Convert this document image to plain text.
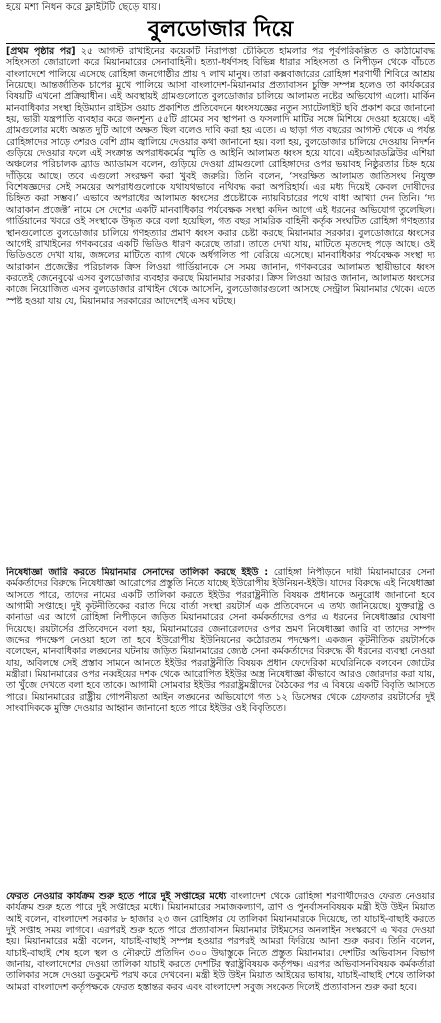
হয়ে মশা নিধন করে ফ্লাইটটি ছেড়ে যায়।
বুলডোজার দিয়ে

[প্রথম পৃষ্ঠার পর] ২৫ আগস্ট রাখাইনের কয়েকটি নিরাপত্তা চৌকিতে হামলার পর পূর্বপরিকল্পিত ও কাঠামোবদ্ধ সহিংসতা জোরালো করে মিয়ানমারের সেনাবাহিনী। হত্যা-ধর্ষণসহ বিভিন্ন ধারার সহিংসতা ও নিপীড়ন থেকে বাঁচতে বাংলাদেশে পালিয়ে এসেছে রোহিঙ্গা জনগোষ্ঠীর প্রায় ৭ লাখ মানুষ। তারা কক্সবাজারের রোহিঙ্গা শরণার্থী শিবিরে আশ্রয় নিয়েছে। আন্তর্জাতিক চাপের মুখে পালিয়ে আসা বাংলাদেশ-মিয়ানমার প্রত্যাবাসন চুক্তি সম্পন্ন হলেও তা কার্যকরের বিষয়টি এখনো প্রক্রিয়াধীন। এই অবস্থায়ই গ্রামগুলোতে বুলডোজার চালিয়ে আলামত নষ্টের অভিযোগ এলো। মার্কিন মানবাধিকার সংস্থা হিউম্যান রাইটস ওয়াচ প্রকাশিত প্রতিবেদনে ধ্বংসযজ্ঞের নতুন স্যাটেলাইট ছবি প্রকাশ করে জানানো হয়, ভারী যন্ত্রপাতি ব্যবহার করে জনশূন্য ৫৫টি গ্রামের সব স্থাপনা ও ফসলাদি মাটির সঙ্গে মিশিয়ে দেওয়া হয়েছে। এই গ্রামগুলোর মধ্যে অন্তত দুটি আগে অক্ষত ছিল বলেও দাবি করা হয় এতে। এ ছাড়া গত বছরের আগস্ট থেকে এ পর্যন্ত রোহিঙ্গাদের সাড়ে ৩শরও বেশি গ্রাম জ্বালিয়ে দেওয়ার কথা জানানো হয়। বলা হয়, বুলডোজার চালিয়ে দেওয়ায় নিদর্শন গুড়িয়ে দেওয়ার ফলে এই সংক্রান্ত অপরাধকর্মের স্মৃতি ও আইনি আলামত ধ্বংস হয়ে যাবে। এইচআরডব্লিউর এশিয়া অঞ্চলের পরিচালক ব্র্যাড অ্যাডামস বলেন, গুড়িয়ে দেওয়া গ্রামগুলো রোহিঙ্গাদের ওপর ভয়াবহ নিষ্ঠুরতার চিহ্ন হয়ে দাঁড়িয়ে আছে। তবে এগুলো সংরক্ষণ করা খুবই জরুরি। তিনি বলেন, ‘সংরক্ষিত আলামত জাতিসংঘ নিযুক্ত বিশেষজ্ঞদের সেই সময়ের অপরাধগুলোকে যথাযথভাবে নথিবদ্ধ করা অপরিহার্য। এর মধ্য দিয়েই কেবল দোষীদের চিহ্নিত করা সম্ভব।’ এভাবে অপরাধের আলামত ধ্বংসের প্রচেষ্টাকে ন্যায়বিচারের পথে বাধা আখ্যা দেন তিনি। ‘দ্য আরাকান প্রজেক্ট’ নামে সে দেশের একটি মানবাধিকার পর্যবেক্ষক সংস্থা কদিন আগে এই ধরনের অভিযোগ তুলেছিল। গার্ডিয়ানের খবরে ওই সংস্থাকে উদ্ধৃত করে বলা হয়েছিল, গত বছর সামরিক বাহিনী কর্তৃক সংঘটিত রোহিঙ্গা গণহত্যার স্থানগুলোতে বুলডোজার চালিয়ে গণহত্যার প্রমাণ ধ্বংস করার চেষ্টা করছে মিয়ানমার সরকার। বুলডোজারে ধ্বংসের আগেই রাখাইনের গণকবরের একটি ভিডিও ধারণ করেছে তারা। তাতে দেখা যায়, মাটিতে মৃতদেহ পড়ে আছে। ওই ভিডিওতে দেখা যায়, জঙ্গলের মাটিতে ব্যাগ থেকে অর্ধগলিত পা বেরিয়ে এসেছে। মানবাধিকার পর্যবেক্ষক সংস্থা দ্য আরাকান প্রজেক্টের পরিচালক ক্রিস লিওয়া গার্ডিয়ানকে সে সময় জানান, গণকবরের আলামত স্থায়ীভাবে ধ্বংস করতেই জেনেবুঝে এসব বুলডোজার ব্যবহার করছে মিয়ানমার সরকার। ক্রিস লিওয়া আরও জানান, আলামত ধ্বংসের কাজে নিয়োজিত এসব বুলডোজার রাখাইন থেকে আসেনি, বুলডোজারগুলো আসছে সেন্ট্রাল মিয়ানমার থেকে। এতে স্পষ্ট হওয়া যায় যে, মিয়ানমার সরকারের আদেশেই এসব ঘটছে।

নিষেধাজ্ঞা জারি করতে মিয়ানমার সেনাদের তালিকা করছে ইইউ : রোহিঙ্গা নিপীড়নে দায়ী মিয়ানমারের সেনা কর্মকর্তাদের বিরুদ্ধে নিষেধাজ্ঞা আরোপের প্রস্তুতি নিতে যাচ্ছে ইউরোপীয় ইউনিয়ন-ইইউ। যাদের বিরুদ্ধে এই নিষেধাজ্ঞা আসতে পারে, তাদের নামের একটি তালিকা করতে ইইউর পররাষ্ট্রনীতি বিষয়ক প্রধানকে অনুরোধ জানানো হবে আগামী সপ্তাহে। দুই কূটনীতিকের বরাত দিয়ে বার্তা সংস্থা রয়টার্স এক প্রতিবেদনে এ তথ্য জানিয়েছে। যুক্তরাষ্ট্র ও কানাডা এর আগে রোহিঙ্গা নিপীড়নে জড়িত মিয়ানমারের সেনা কর্মকর্তাদের ওপর এ ধরনের নিষেধাজ্ঞার ঘোষণা দিয়েছে। রয়টার্সের প্রতিবেদনে বলা হয়, মিয়ানমারের জেনারেলদের ওপর ভ্রমণ নিষেধাজ্ঞা জারি বা তাদের সম্পদ জব্দের পদক্ষেপ নেওয়া হলে তা হবে ইউরোপীয় ইউনিয়নের কঠোরতম পদক্ষেপ। একজন কূটনীতিক রয়টার্সকে বলেছেন, মানবাধিকার লঙ্ঘনের ঘটনায় জড়িত মিয়ানমারের জ্যেষ্ঠ সেনা কর্মকর্তাদের বিরুদ্ধে কী ধরনের ব্যবস্থা নেওয়া যায়, অবিলম্বে সেই প্রস্তাব সামনে আনতে ইইউর পররাষ্ট্রনীতি বিষয়ক প্রধান ফেদেরিকা মঘেরিনিকে বলবেন জোটের মন্ত্রীরা। মিয়ানমারের ওপর নব্বইয়ের দশক থেকে আরোপিত ইইউর অস্ত্র নিষেধাজ্ঞা কীভাবে আরও জোরদার করা যায়, তা খুঁজে দেখতে বলা হবে তাকে। আগামী সোমবার ইইউর পররাষ্ট্রমন্ত্রীদের বৈঠকের পর এ বিষয়ে একটি বিবৃতি আসতে পারে। মিয়ানমারের রাষ্ট্রীয় গোপনীয়তা আইন লঙ্ঘনের অভিযোগে গত ১২ ডিসেম্বর থেকে গ্রেফতার রয়টার্সের দুই সাংবাদিককে মুক্তি দেওয়ার আহ্বান জানানো হতে পারে ইইউর ওই বিবৃতিতে।

ফেরত নেওয়ার কার্যক্রম শুরু হতে পারে দুই সপ্তাহের মধ্যে বাংলাদেশ থেকে রোহিঙ্গা শরণার্থীদেরও ফেরত নেওয়ার কার্যক্রম শুরু হতে পারে দুই সপ্তাহের মধ্যে। মিয়ানমারের সমাজকল্যাণ, ত্রাণ ও পুনর্বাসনবিষয়ক মন্ত্রী ইউ উইন মিয়াত আই বলেন, বাংলাদেশ সরকার ৮ হাজার ২৩ জন রোহিঙ্গার যে তালিকা মিয়ানমারকে দিয়েছে, তা যাচাই-বাছাই করতে দুই সপ্তাহ সময় লাগবে। এরপরই শুরু হতে পারে প্রত্যাবাসন মিয়ানমার টাইমসের অনলাইন সংস্করণে এ খবর দেওয়া হয়। মিয়ানমারের মন্ত্রী বলেন, যাচাই-বাছাই সম্পন্ন হওয়ার পরপরই আমরা ফিরিয়ে আনা শুরু করব। তিনি বলেন, যাচাই-বাছাই শেষ হলে স্থল ও নৌরুটে প্রতিদিন ৩০০ উদ্বাস্তুকে নিতে প্রস্তুত মিয়ানমার। দেশটির অভিবাসন বিভাগ জানায়, বাংলাদেশের দেওয়া তালিকা যাচাই করতে দেশটির স্বরাষ্ট্রবিষয়ক কর্তৃপক্ষ। এরপর অভিবাসনবিষয়ক কর্মকর্তারা তালিকার সঙ্গে দেওয়া ডকুমেন্ট পরখ করে দেখবেন। মন্ত্রী ইউ উইন মিয়াত আইয়ের ভাষায়, যাচাই-বাছাই শেষে তালিকা আমরা বাংলাদেশ কর্তৃপক্ষকে ফেরত হস্তান্তর করব এবং বাংলাদেশ সবুজ সংকেত দিলেই প্রত্যাবাসন শুরু করা হবে।
